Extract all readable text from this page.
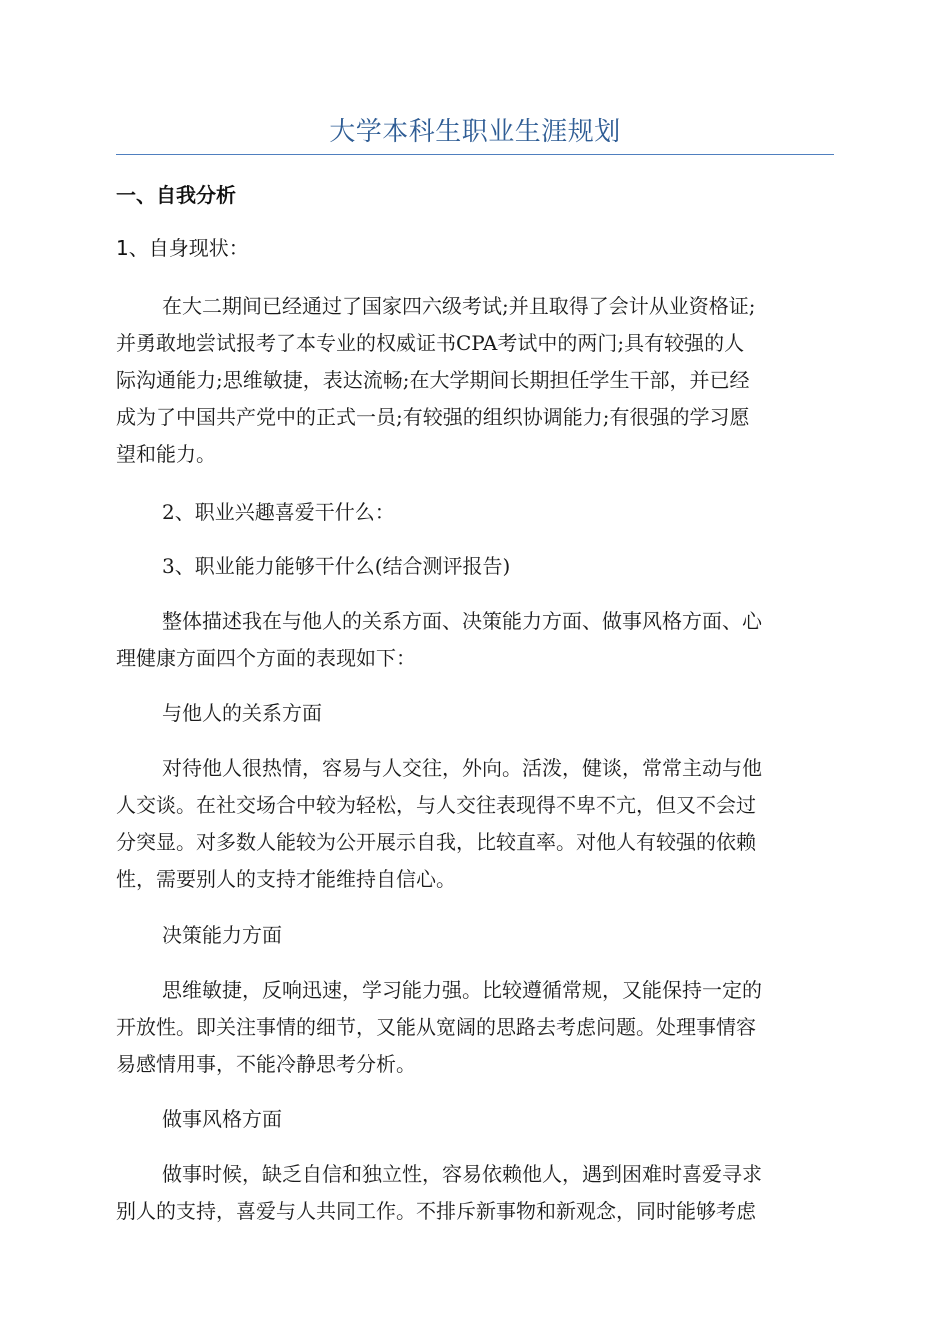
大学本科生职业生涯规划
一、自我分析
1、自身现状：
在大二期间已经通过了国家四六级考试;并且取得了会计从业资格证;
并勇敢地尝试报考了本专业的权威证书CPA考试中的两门;具有较强的人
际沟通能力;思维敏捷，表达流畅;在大学期间长期担任学生干部，并已经
成为了中国共产党中的正式一员;有较强的组织协调能力;有很强的学习愿
望和能力。
2、职业兴趣喜爱干什么：
3、职业能力能够干什么(结合测评报告)
整体描述我在与他人的关系方面、决策能力方面、做事风格方面、心
理健康方面四个方面的表现如下：
与他人的关系方面
对待他人很热情，容易与人交往，外向。活泼，健谈，常常主动与他
人交谈。在社交场合中较为轻松，与人交往表现得不卑不亢，但又不会过
分突显。对多数人能较为公开展示自我，比较直率。对他人有较强的依赖
性，需要别人的支持才能维持自信心。
决策能力方面
思维敏捷，反响迅速，学习能力强。比较遵循常规，又能保持一定的
开放性。即关注事情的细节，又能从宽阔的思路去考虑问题。处理事情容
易感情用事，不能冷静思考分析。
做事风格方面
做事时候，缺乏自信和独立性，容易依赖他人，遇到困难时喜爱寻求
别人的支持，喜爱与人共同工作。不排斥新事物和新观念，同时能够考虑
